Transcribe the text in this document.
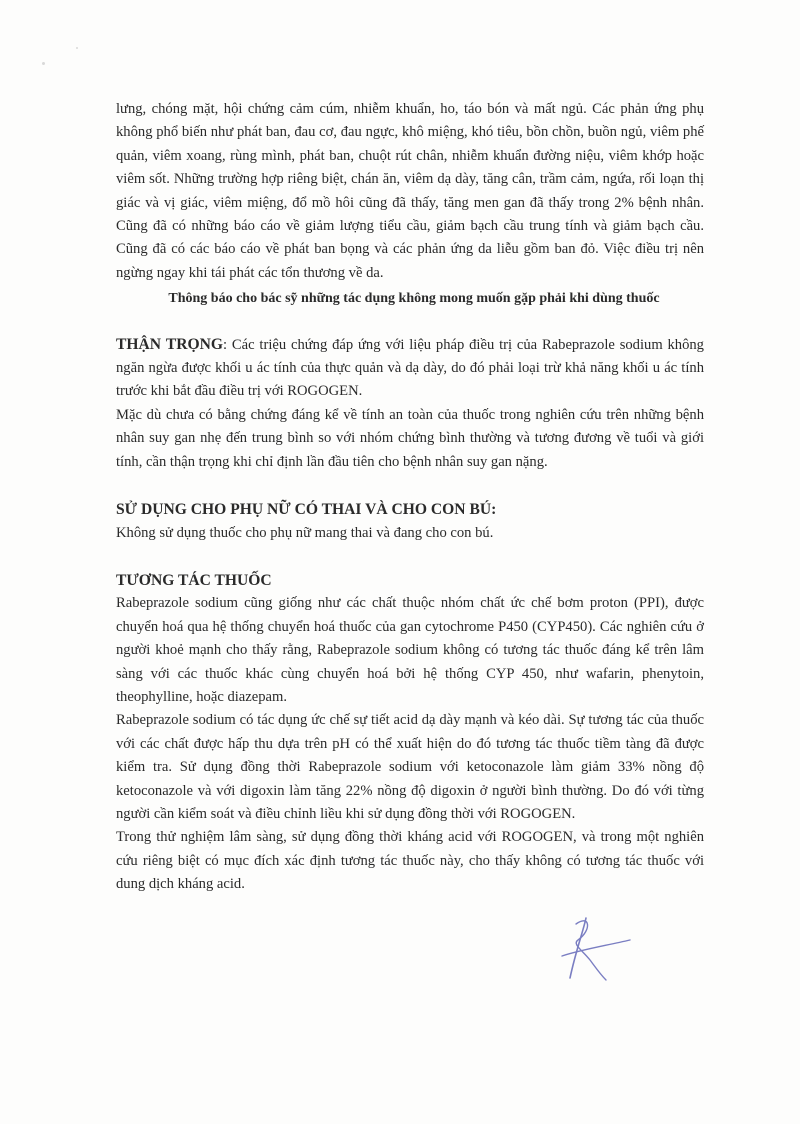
lưng, chóng mặt, hội chứng cảm cúm, nhiễm khuẩn, ho, táo bón và mất ngủ. Các phản ứng phụ không phổ biến như phát ban, đau cơ, đau ngực, khô miệng, khó tiêu, bồn chồn, buồn ngủ, viêm phế quản, viêm xoang, rùng mình, phát ban, chuột rút chân, nhiễm khuẩn đường niệu, viêm khớp hoặc viêm sốt. Những trường hợp riêng biệt, chán ăn, viêm dạ dày, tăng cân, trầm cảm, ngứa, rối loạn thị giác và vị giác, viêm miệng, đổ mồ hôi cũng đã thấy, tăng men gan đã thấy trong 2% bệnh nhân. Cũng đã có những báo cáo về giảm lượng tiểu cầu, giảm bạch cầu trung tính và giảm bạch cầu. Cũng đã có các báo cáo về phát ban bọng và các phản ứng da liễu gồm ban đỏ. Việc điều trị nên ngừng ngay khi tái phát các tổn thương về da.

Thông báo cho bác sỹ những tác dụng không mong muốn gặp phải khi dùng thuốc

THẬN TRỌNG: Các triệu chứng đáp ứng với liệu pháp điều trị của Rabeprazole sodium không ngăn ngừa được khối u ác tính của thực quản và dạ dày, do đó phải loại trừ khả năng khối u ác tính trước khi bắt đầu điều trị với ROGOGEN.

Mặc dù chưa có bằng chứng đáng kể về tính an toàn của thuốc trong nghiên cứu trên những bệnh nhân suy gan nhẹ đến trung bình so với nhóm chứng bình thường và tương đương về tuổi và giới tính, cần thận trọng khi chỉ định lần đầu tiên cho bệnh nhân suy gan nặng.

SỬ DỤNG CHO PHỤ NỮ CÓ THAI VÀ CHO CON BÚ:

Không sử dụng thuốc cho phụ nữ mang thai và đang cho con bú.

TƯƠNG TÁC THUỐC

Rabeprazole sodium cũng giống như các chất thuộc nhóm chất ức chế bơm proton (PPI), được chuyển hoá qua hệ thống chuyển hoá thuốc của gan cytochrome P450 (CYP450). Các nghiên cứu ở người khoẻ mạnh cho thấy rằng, Rabeprazole sodium không có tương tác thuốc đáng kể trên lâm sàng với các thuốc khác cùng chuyển hoá bởi hệ thống CYP 450, như wafarin, phenytoin, theophylline, hoặc diazepam.

Rabeprazole sodium có tác dụng ức chế sự tiết acid dạ dày mạnh và kéo dài. Sự tương tác của thuốc với các chất được hấp thu dựa trên pH có thể xuất hiện do đó tương tác thuốc tiềm tàng đã được kiểm tra. Sử dụng đồng thời Rabeprazole sodium với ketoconazole làm giảm 33% nồng độ ketoconazole và với digoxin làm tăng 22% nồng độ digoxin ở người bình thường. Do đó với từng người cần kiểm soát và điều chỉnh liều khi sử dụng đồng thời với ROGOGEN.

Trong thử nghiệm lâm sàng, sử dụng đồng thời kháng acid với ROGOGEN, và trong một nghiên cứu riêng biệt có mục đích xác định tương tác thuốc này, cho thấy không có tương tác thuốc với dung dịch kháng acid.
